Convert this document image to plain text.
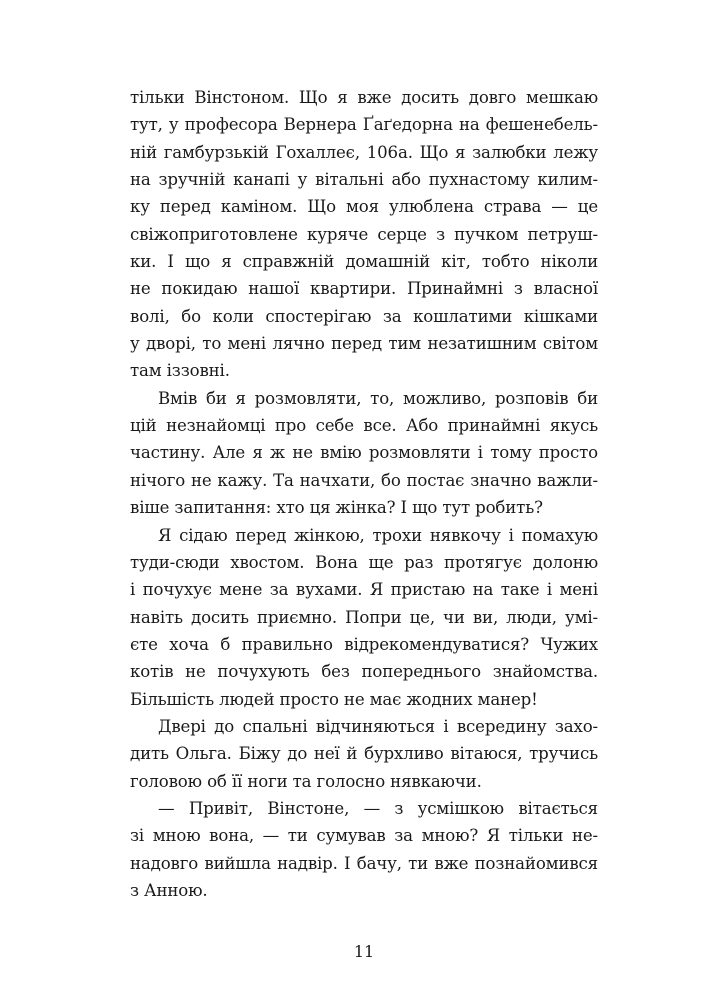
тільки Вінстоном. Що я вже досить довго мешкаю
тут, у професора Вернера Ґаґедорна на фешенебель-
ній гамбурзькій Гохаллеє, 106а. Що я залюбки лежу
на зручній канапі у вітальні або пухнастому килим-
ку перед каміном. Що моя улюблена страва — це
свіжоприготовлене куряче серце з пучком петруш-
ки. І що я справжній домашній кіт, тобто ніколи
не покидаю нашої квартири. Принаймні з власної
волі, бо коли спостерігаю за кошлатими кішками
у дворі, то мені лячно перед тим незатишним світом
там іззовні.
Вмів би я розмовляти, то, можливо, розповів би
цій незнайомці про себе все. Або принаймні якусь
частину. Але я ж не вмію розмовляти і тому просто
нічого не кажу. Та начхати, бо постає значно важли-
віше запитання: хто ця жінка? І що тут робить?
Я сідаю перед жінкою, трохи нявкочу і помахую
туди-сюди хвостом. Вона ще раз протягує долоню
і почухує мене за вухами. Я пристаю на таке і мені
навіть досить приємно. Попри це, чи ви, люди, умі-
єте хоча б правильно відрекомендуватися? Чужих
котів не почухують без попереднього знайомства.
Більшість людей просто не має жодних манер!
Двері до спальні відчиняються і всередину захо-
дить Ольга. Біжу до неї й бурхливо вітаюся, тручись
головою об її ноги та голосно нявкаючи.
— Привіт, Вінстоне, — з усмішкою вітається
зі мною вона, — ти сумував за мною? Я тільки не-
надовго вийшла надвір. І бачу, ти вже познайомився
з Анною.
11
